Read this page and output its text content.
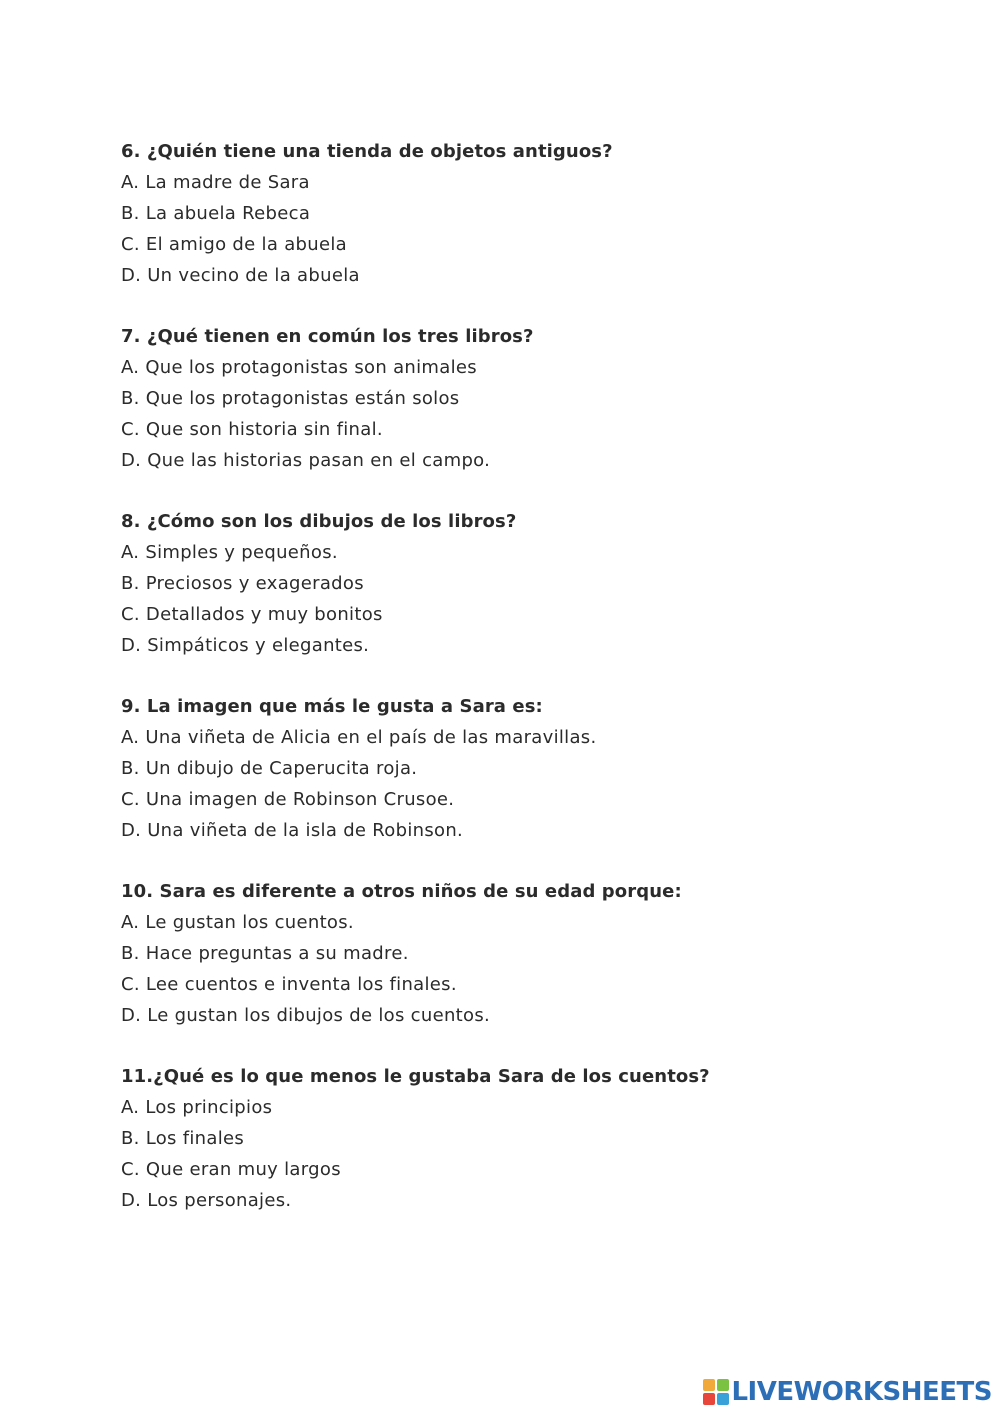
6. ¿Quién tiene una tienda de objetos antiguos?
A. La madre de Sara
B. La abuela Rebeca
C. El amigo de la abuela
D. Un vecino de la abuela
7. ¿Qué tienen en común los tres libros?
A. Que los protagonistas son animales
B. Que los protagonistas están solos
C. Que son historia sin final.
D. Que las historias pasan en el campo.
8. ¿Cómo son los dibujos de los libros?
A. Simples y pequeños.
B. Preciosos y exagerados
C. Detallados y muy bonitos
D. Simpáticos y elegantes.
9. La imagen que más le gusta a Sara es:
A. Una viñeta de Alicia en el país de las maravillas.
B. Un dibujo de Caperucita roja.
C. Una imagen de Robinson Crusoe.
D. Una viñeta de la isla de Robinson.
10. Sara es diferente a otros niños de su edad porque:
A. Le gustan los cuentos.
B. Hace preguntas a su madre.
C. Lee cuentos e inventa los finales.
D. Le gustan los dibujos de los cuentos.
11.¿Qué es lo que menos le gustaba Sara de los cuentos?
A. Los principios
B. Los finales
C. Que eran muy largos
D. Los personajes.
LIVEWORKSHEETS
